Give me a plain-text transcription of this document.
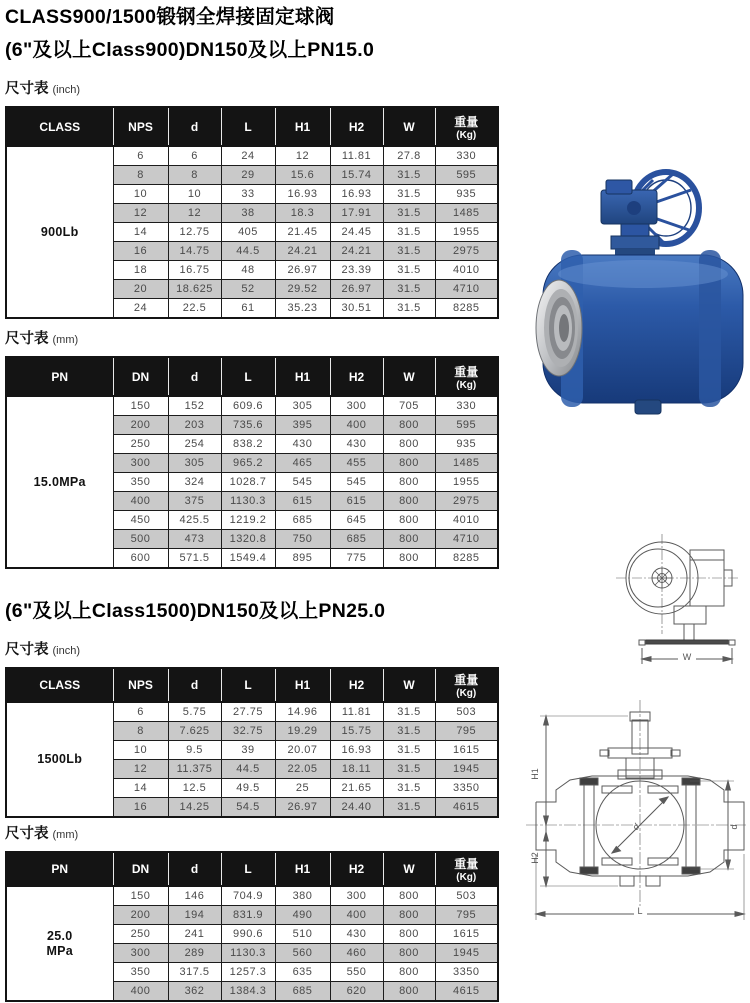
CLASS900/1500锻钢全焊接固定球阀
(6"及以上Class900)DN150及以上PN15.0
尺寸表 (inch)
CLASS	NPS	d	L	H1	H2	W	重量
(Kg)

900Lb	6	6	24	12	11.81	27.8	330
	8	8	29	15.6	15.74	31.5	595
	10	10	33	16.93	16.93	31.5	935
	12	12	38	18.3	17.91	31.5	1485
	14	12.75	405	21.45	24.45	31.5	1955
	16	14.75	44.5	24.21	24.21	31.5	2975
	18	16.75	48	26.97	23.39	31.5	4010
	20	18.625	52	29.52	26.97	31.5	4710
	24	22.5	61	35.23	30.51	31.5	8285
尺寸表 (mm)
PN	DN	d	L	H1	H2	W	重量
(Kg)

15.0MPa	150	152	609.6	305	300	705	330
	200	203	735.6	395	400	800	595
	250	254	838.2	430	430	800	935
	300	305	965.2	465	455	800	1485
	350	324	1028.7	545	545	800	1955
	400	375	1130.3	615	615	800	2975
	450	425.5	1219.2	685	645	800	4010
	500	473	1320.8	750	685	800	4710
	600	571.5	1549.4	895	775	800	8285
(6"及以上Class1500)DN150及以上PN25.0
尺寸表 (inch)
CLASS	NPS	d	L	H1	H2	W	重量
(Kg)

1500Lb	6	5.75	27.75	14.96	11.81	31.5	503
	8	7.625	32.75	19.29	15.75	31.5	795
	10	9.5	39	20.07	16.93	31.5	1615
	12	11.375	44.5	22.05	18.11	31.5	1945
	14	12.5	49.5	25	21.65	31.5	3350
	16	14.25	54.5	26.97	24.40	31.5	4615
尺寸表 (mm)
PN	DN	d	L	H1	H2	W	重量
(Kg)

25.0
MPa	150	146	704.9	380	300	800	503
	200	194	831.9	490	400	800	795
	250	241	990.6	510	430	800	1615
	300	289	1130.3	560	460	800	1945
	350	317.5	1257.3	635	550	800	3350
	400	362	1384.3	685	620	800	4615
W
H1
H2
d
d
L
